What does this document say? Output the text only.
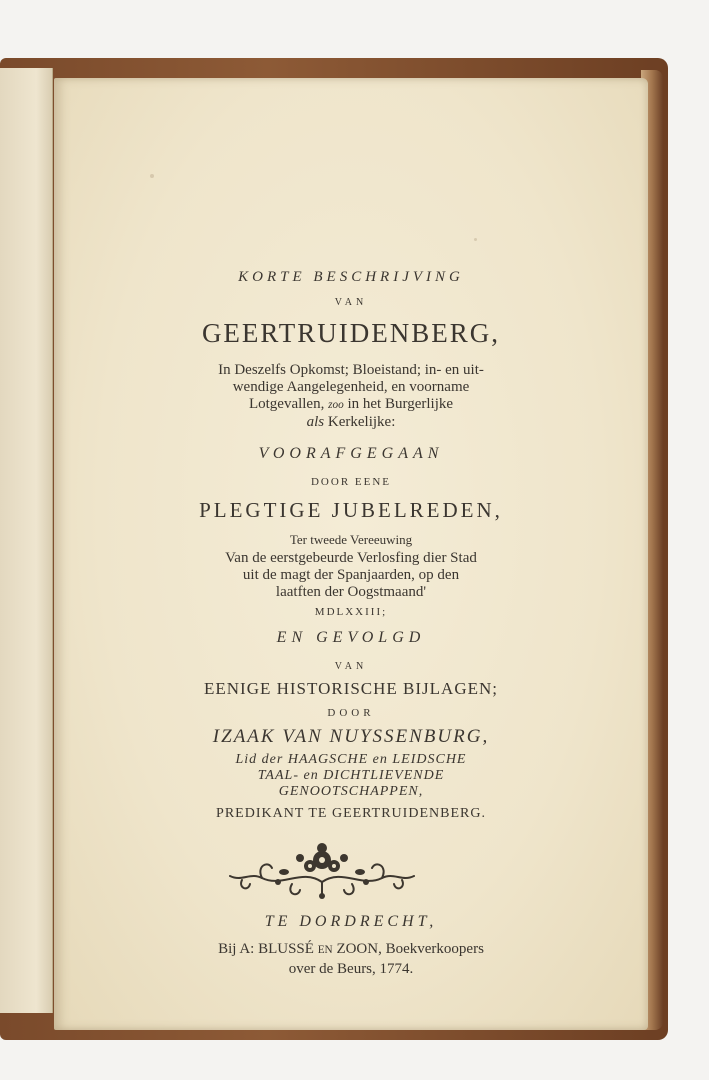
KORTE BESCHRIJVING
VAN
GEERTRUIDENBERG,
In Deszelfs Opkomst; Bloeistand; in- en uit-
wendige Aangelegenheid, en voorname
Lotgevallen, zoo in het Burgerlijke
als Kerkelijke:
VOORAFGEGAAN
DOOR EENE
PLEGTIGE JUBELREDEN,
Ter tweede Vereeuwing
Van de eerstgebeurde Verlosfing dier Stad
uit de magt der Spanjaarden, op den
laatften der Oogstmaand'
MDLXXIII;
EN GEVOLGD
VAN
EENIGE HISTORISCHE BIJLAGEN;
DOOR
IZAAK VAN NUYSSENBURG,
Lid der HAAGSCHE en LEIDSCHE
TAAL- en DICHTLIEVENDE
GENOOTSCHAPPEN,
PREDIKANT TE GEERTRUIDENBERG.
TE DORDRECHT,
Bij A: BLUSSÉ EN ZOON, Boekverkoopers
over de Beurs, 1774.
